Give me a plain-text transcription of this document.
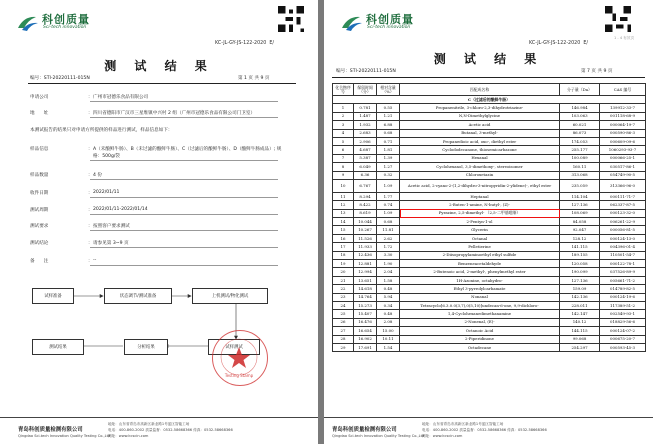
科创质量
Sci-tech innovation
KC-JL-GY-JS-122-2020 E/
测 试 结 果
编号：STI-20220111-015N	第 1 页 共 9 页
申请公司	： 广州市冠德乐食品有限公司
地　　址	： 四川省德阳市广汉市三星堆镇中兴村 2 组（广州市冠德乐食品有限公司门卫室）
本测试报告的结果只对申请方所提供的样品进行测试，样品信息如下：
样品信息	： A（未酿鲜牛肠）、B（未过滤的酿鲜牛肠）、C（过滤后的酿鲜牛肠）、D（酿鲜牛肠成品）; 规格：500g/袋
样品数量	： 4 份
收件日期	： 2022/01/11
测试周期	： 2022/01/11-2022/01/14
测试要求	： 按照客户要求测试
测试结论	： 请参见第 3~9 页
备　　注	： --
试样准备	状态调节/测试准备	上机测试/物化测试
测试结果	分析结果	试样测试
Testing Stamp
青岛科创质量检测有限公司
Qingdao Sci-tech Innovation Quality Testing Co.,Ltd
地址：山东省青岛市高新区新业路1号蓝区智能工场
电话：400-860-2002 质量监督：0532-58668366 传真：0532-58668366
网址：www.kcscin.com
科创质量
Sci-tech innovation
KC-JL-GY-JS-122-2020 E/
1 - 4 有效页
测 试 结 果
编号：STI-20220111-015N	第 7 页 共 9 页
化合物序号	保留时间（分）	相对含量（%）	匹配成名称	分子量（Da）	CAS 编号
C（过滤后的酿鲜牛肠）					
1	0.781	0.55	Propanenitrile, 3-chloro-2,3-dihydrotriazine-	146.984	139912-33-7
2	1.487	1.21	N,N-Dimethylglycine	103.063	001118-68-9
3	1.932	6.88	Acetic acid	60.021	000064-19-7
4	2.683	0.68	Butanal, 3-methyl-	86.073	000590-86-3
5	2.906	0.71	Propanedioic acid, oxo-, diethyl ester	174.053	000609-09-6
6	4.687	1.81	Cyclododecanone, thiosemicarbazone	255.177	1060293-93-7
7	5.387	1.39	Hexanal	100.089	000066-25-1
8	6.049	1.27	Cyclohexanol, 3,5-dimethoxy-, stereoisomer	160.11	030517-86-1
9	6.36	0.32	Chloroxetazin	313.068	054749-90-5
10	6.767	1.09	Acetic acid, 2-cyano-2-(1,2-dihydro-3-nitropyridin-2-ylidene)-, ethyl ester	235.059	313366-96-0
11	8.294	1.77	Heptanal	114.104	000111-71-7
12	8.422	0.74	2-Buten-1-amine, N-butyl-, (Z)-	127.136	062337-87-5
13	8.619	1.09	Pyrazine, 2,5-dimethyl- （2,5-二甲基吡嗪）	108.069	000123-32-0
14	10.044	0.68	2-Pentyn-1-ol	84.058	006261-22-9
15	10.267	11.81	Glycerin	92.047	000056-81-5
16	11.526	2.62	Octanal	128.12	000124-13-0
17	11.933	1.72	Pelletierine	141.115	004396-01-4
18	12.436	3.30	2-Diisopropylaminoethyl ethyl sulfide	189.155	110501-54-7
19	12.881	1.90	Benzeneacetaldehyde	120.058	000122-78-1
20	12.994	2.04	2-Butenoic acid, 2-methyl-, phenylmethyl ester	190.099	037526-89-9
21	13.651	1.58	1H-Azonine, octahydro-	127.136	005661-71-2
22	14.618	0.48	Ethyl 3-pyrrolylcarbamate	159.09	014789-82-5
23	14.764	5.94	Nonanal	142.136	000124-19-6
24	15.273	0.34	Tetracyclo[6.3.0.0(3,7),0(5,10)]undecan-6-one, 9,9-dichloro-	228.011	117389-51-2
25	15.407	0.48	1,4-Cyclohexanedimethanamine	142.147	002549-93-1
26	16.476	2.08	2-Nonenal, (E)-	140.12	018829-56-6
27	16.654	15.00	Octanoic Acid	144.115	000124-07-2
28	16.902	10.11	2-Piperidinone	99.068	000675-20-7
29	17.691	1.54	Octadecane	254.297	000593-45-3
青岛科创质量检测有限公司
Qingdao Sci-tech Innovation Quality Testing Co.,Ltd
地址：山东省青岛市高新区新业路1号蓝区智能工场
电话：400-860-2002 质量监督：0532-58668366 传真：0532-58668366
网址：www.kcscin.com
